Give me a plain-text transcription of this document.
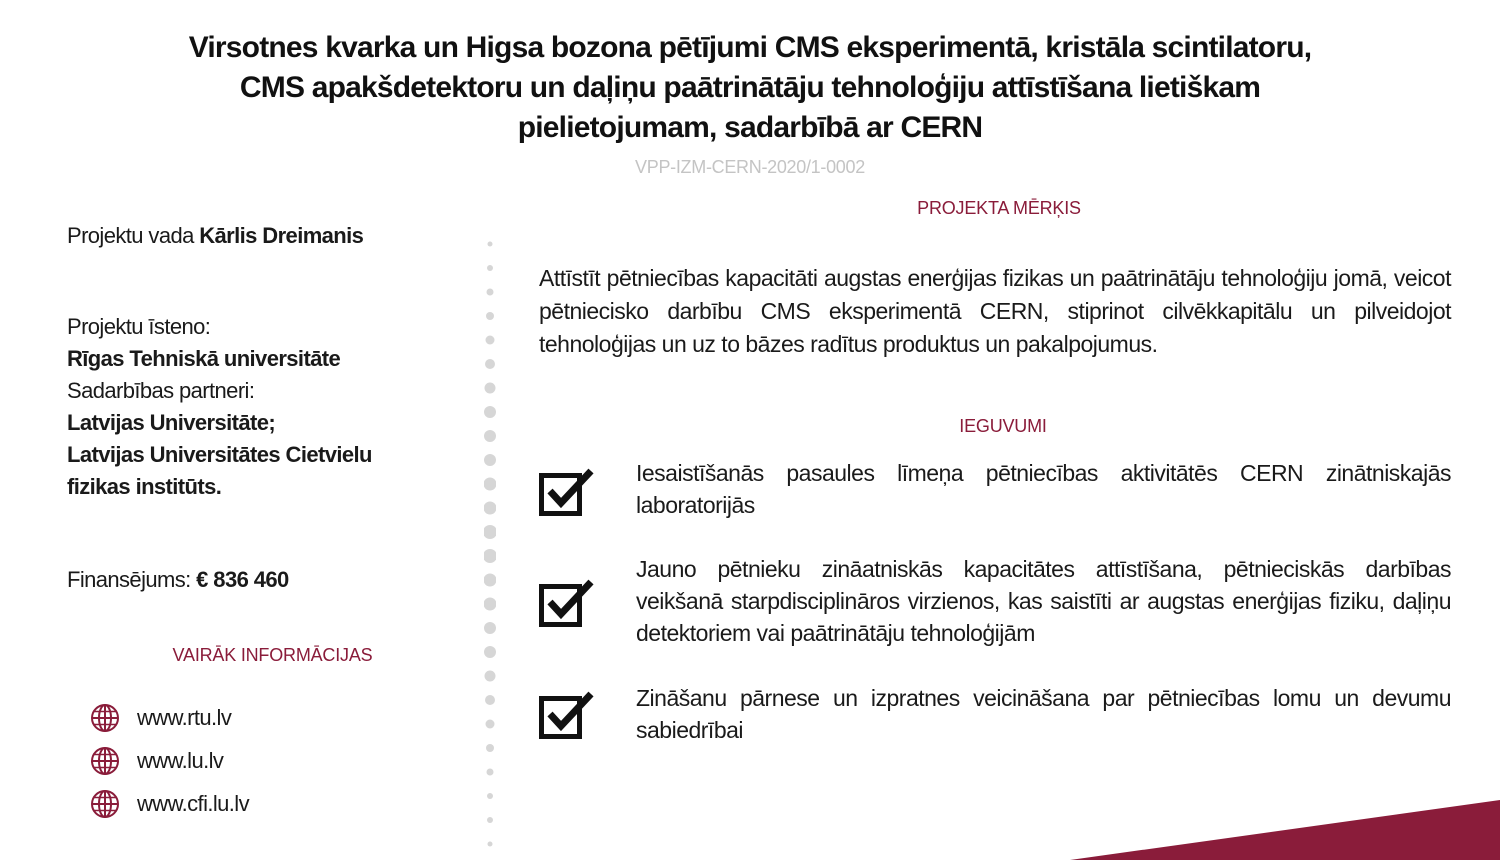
Virsotnes kvarka un Higsa bozona pētījumi CMS eksperimentā, kristāla scintilatoru,
CMS apakšdetektoru un daļiņu paātrinātāju tehnoloģiju attīstīšana lietiškam
pielietojumam, sadarbībā ar CERN
VPP-IZM-CERN-2020/1-0002

Projektu vada Kārlis Dreimanis

Projektu īsteno:

Rīgas Tehniskā universitāte

Sadarbības partneri:

Latvijas Universitāte;

Latvijas Universitātes Cietvielu fizikas institūts.

Finansējums: € 836 460

VAIRĀK INFORMĀCIJAS
www.rtu.lv
www.lu.lv
www.cfi.lu.lv
PROJEKTA MĒRĶIS
Attīstīt pētniecības kapacitāti augstas enerģijas fizikas un paātrinātāju tehnoloģiju jomā, veicot pētniecisko darbību CMS eksperimentā CERN, stiprinot cilvēkkapitālu un pilveidojot tehnoloģijas un uz to bāzes radītus produktus un pakalpojumus.
IEGUVUMI
Iesaistīšanās pasaules līmeņa pētniecības aktivitātēs CERN zinātniskajās laboratorijās
Jauno pētnieku zināatniskās kapacitātes attīstīšana, pētnieciskās darbības veikšanā starpdisciplināros virzienos, kas saistīti ar augstas enerģijas fiziku, daļiņu detektoriem vai paātrinātāju tehnoloģijām
Zināšanu pārnese un izpratnes veicināšana par pētniecības lomu un devumu sabiedrībai
